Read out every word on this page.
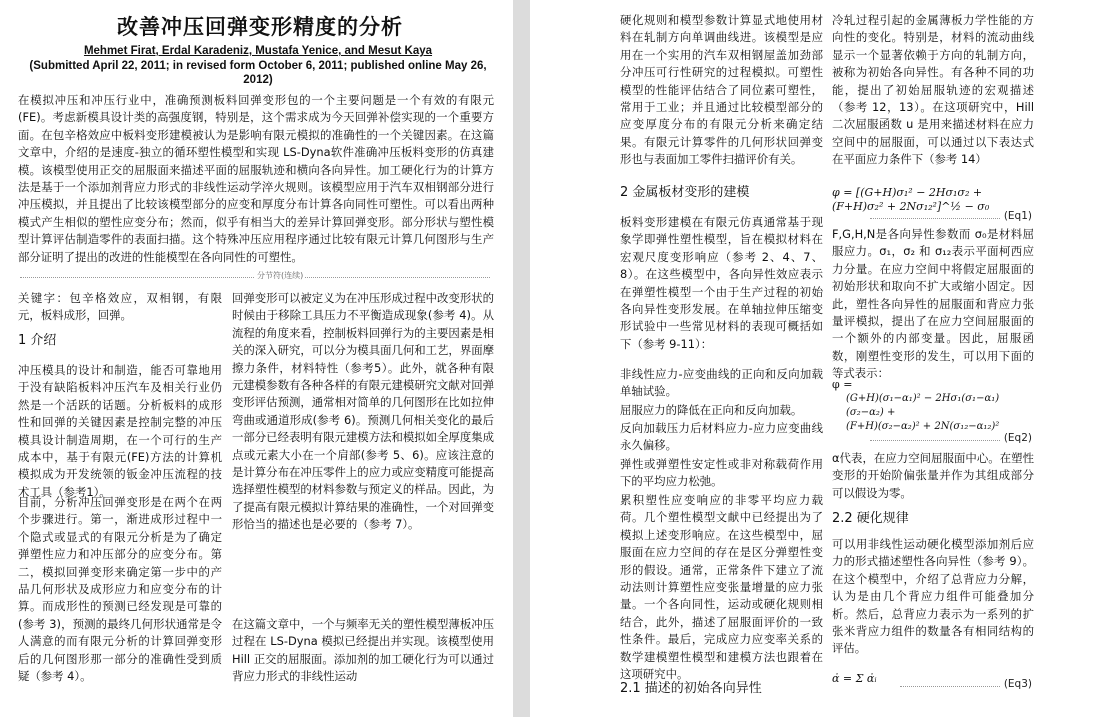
改善冲压回弹变形精度的分析
Mehmet Firat, Erdal Karadeniz, Mustafa Yenice, and Mesut Kaya
(Submitted April 22, 2011; in revised form October 6, 2011; published online May 26, 2012)

在模拟冲压和冲压行业中，准确预测板料回弹变形包的一个主要问题是一个有效的有限元(FE)。考虑新模具设计类的高强度钢，特别是，这个需求成为今天回弹补偿实现的一个重要方面。在包辛格效应中板料变形建模被认为是影响有限元模拟的准确性的一个关键因素。在这篇文章中，介绍的是速度-独立的循环塑性模型和实现 LS-Dyna软件准确冲压板料变形的仿真建模。该模型使用正交的屈服面来描述平面的屈服轨迹和横向各向异性。加工硬化行为的计算方法是基于一个添加剂背应力形式的非线性运动学淬火规则。该模型应用于汽车双相钢部分进行冲压模拟，并且提出了比较该模型部分的应变和厚度分布计算各向同性可塑性。可以看出两种模式产生相似的塑性应变分布；然而，似乎有相当大的差异计算回弹变形。部分形状与塑性模型计算评估制造零件的表面扫描。这个特殊冲压应用程序通过比较有限元计算几何图形与生产部分证明了提出的改进的性能模型在各向同性的可塑性。

分节符(连续)

关键字：包辛格效应，双相钢，有限元，板料成形，回弹。

1 介绍

冲压模具的设计和制造，能否可靠地用于没有缺陷板料冲压汽车及相关行业仍然是一个活跃的话题。分析板料的成形性和回弹的关键因素是控制完整的冲压模具设计制造周期，在一个可行的生产成本中，基于有限元(FE)方法的计算机模拟成为开发统领的钣金冲压流程的技术工具（参考1）。

目前，分析冲压回弹变形是在两个在两个步骤进行。第一，渐进成形过程中一个隐式或显式的有限元分析是为了确定弹塑性应力和冲压部分的应变分布。第二，模拟回弹变形来确定第一步中的产品几何形状及成形应力和应变分布的计算。而成形性的预测已经发现是可靠的(参考 3)，预测的最终几何形状通常是令人满意的而有限元分析的计算回弹变形后的几何图形那一部分的准确性受到质疑（参考 4）。

回弹变形可以被定义为在冲压形成过程中改变形状的时候由于移除工具压力不平衡造成现象(参考 4)。从流程的角度来看，控制板料回弹行为的主要因素是相关的深入研究，可以分为模具面几何和工艺，界面摩擦力条件，材料特性（参考5）。此外，就各种有限元建模参数有各种各样的有限元建模研究文献对回弹变形评估预测，通常相对简单的几何图形在比如拉伸弯曲或通道形成(参考 6)。预测几何相关变化的最后一部分已经表明有限元建模方法和模拟如全厚度集成点或元素大小在一个肩部(参考 5、6)。应该注意的是计算分布在冲压零件上的应力或应变精度可能提高选择塑性模型的材料参数与预定义的样品。因此，为了提高有限元模拟计算结果的准确性，一个对回弹变形恰当的描述也是必要的（参考 7）。

在这篇文章中，一个与频率无关的塑性模型薄板冲压过程在 LS-Dyna 模拟已经提出并实现。该模型使用 Hill 正交的屈服面。添加剂的加工硬化行为可以通过背应力形式的非线性运动

硬化规则和模型参数计算显式地使用材料在轧制方向单调曲线进。该模型是应用在一个实用的汽车双相钢屋盖加劲部分冲压可行性研究的过程模拟。可塑性模型的性能评估结合了同位素可塑性，常用于工业；并且通过比较模型部分的应变厚度分布的有限元分析来确定结果。有限元计算零件的几何形状回弹变形也与表面加工零件扫描评价有关。

2 金属板材变形的建模

板料变形建模在有限元仿真通常基于现象学即弹性塑性模型，旨在模拟材料在宏观尺度变形响应（参考 2、4、7、8）。在这些模型中，各向异性效应表示在弹塑性模型一个由于生产过程的初始各向异性变形发展。在单轴拉伸压缩变形试验中一些常见材料的表现可概括如下（参考 9-11）：

非线性应力-应变曲线的正向和反向加载单轴试验。

屈服应力的降低在正向和反向加载。

反向加载压力后材料应力-应力应变曲线永久偏移。

弹性或弹塑性安定性或非对称载荷作用下的平均应力松弛。

累积塑性应变响应的非零平均应力载荷。几个塑性模型文献中已经提出为了模拟上述变形响应。在这些模型中，屈服面在应力空间的存在是区分弹塑性变形的假设。通常，正常条件下建立了流动法则计算塑性应变张量增量的应力张量。一个各向同性，运动或硬化规则相结合，此外，描述了屈服面评价的一致性条件。最后，完成应力应变率关系的数学建模塑性模型和建模方法也跟着在这项研究中。

2.1 描述的初始各向异性

冷轧过程引起的金属薄板力学性能的方向性的变化。特别是，材料的流动曲线显示一个显著依赖于方向的轧制方向，被称为初始各向异性。有各种不同的功能，提出了初始屈服轨迹的宏观描述（参考 12，13）。在这项研究中，Hill 二次屈服函数 u 是用来描述材料在应力空间中的屈服面，可以通过以下表达式在平面应力条件下（参考 14）

φ = [(G+H)σ₁² − 2Hσ₁σ₂ + (F+H)σ₂² + 2Nσ₁₂²]^½ − σ₀
(Eq1)

F,G,H,N是各向异性参数而 σ₀是材料屈服应力。σ₁，σ₂ 和 σ₁₂表示平面柯西应力分量。在应力空间中将假定屈服面的初始形状和取向不扩大或缩小固定。因此，塑性各向异性的屈服面和背应力张量评模拟，提出了在应力空间屈服面的一个额外的内部变量。因此，屈服函数，刚塑性变形的发生，可以用下面的等式表示：

φ =
(G+H)(σ₁−α₁)² − 2Hσ₁(σ₁−α₁)(σ₂−α₂) +
(F+H)(σ₂−α₂)² + 2N(σ₁₂−α₁₂)²
(Eq2)

α代表，在应力空间屈服面中心。在塑性变形的开始阶偏张量并作为其组成部分可以假设为零。

2.2 硬化规律

可以用非线性运动硬化模型添加剂后应力的形式描述塑性各向异性（参考 9）。在这个模型中，介绍了总背应力分解，认为是由几个背应力组件可能叠加分析。然后，总背应力表示为一系列的扩张米背应力组件的数量各有相同结构的评估。

α̇ = Σ α̇ᵢ	(Eq3)
